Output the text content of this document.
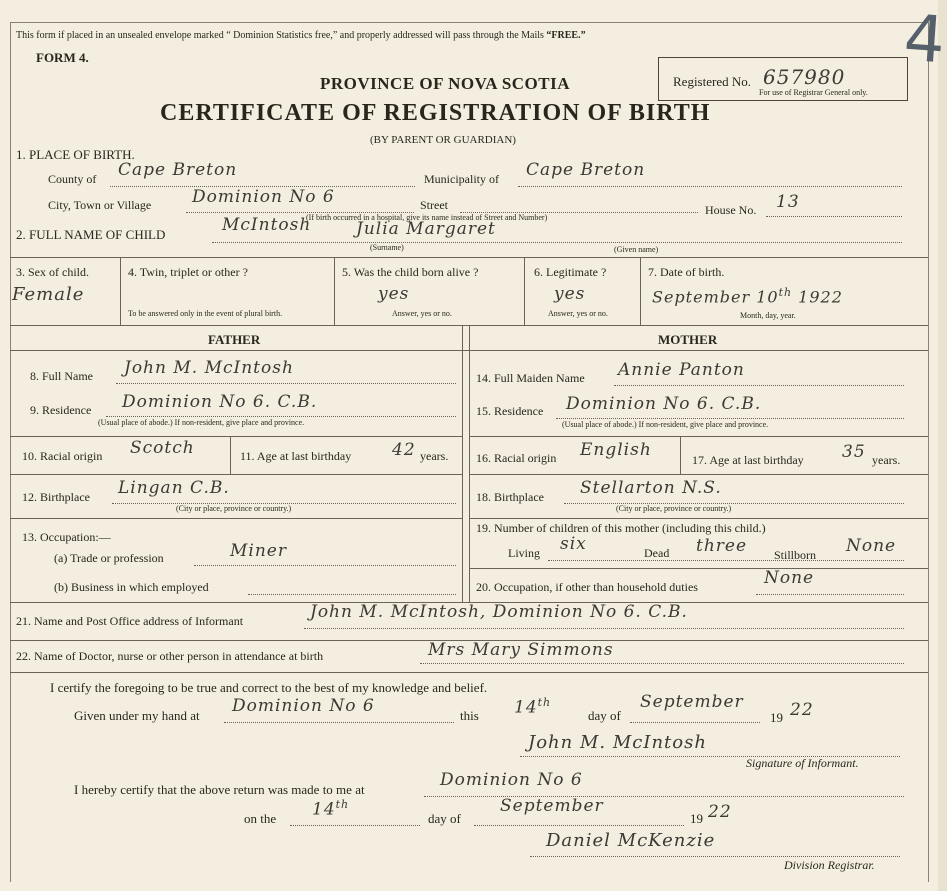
This form if placed in an unsealed envelope marked “ Dominion Statistics free,” and properly addressed will pass through the Mails “FREE.”
FORM 4.
PROVINCE OF NOVA SCOTIA
CERTIFICATE OF REGISTRATION OF BIRTH
(BY PARENT OR GUARDIAN)
Registered No. 657980
For use of Registrar General only.
4
1. PLACE OF BIRTH.
County of Cape Breton	Municipality of Cape Breton
City, Town or Village Dominion No 6	Street	House No. 13
(If birth occurred in a hospital, give its name instead of Street and Number)
2. FULL NAME OF CHILD	McIntosh	Julia Margaret
(Surname)	(Given name)
3. Sex of child.
Female
4. Twin, triplet or other ?
To be answered only in the event of plural birth.
5. Was the child born alive ?
yes
Answer, yes or no.
6. Legitimate ?
yes
Answer, yes or no.
7. Date of birth.
September 10th 1922
Month, day, year.
FATHER	MOTHER
8. Full Name John M. McIntosh
9. Residence Dominion No 6. C.B.
(Usual place of abode.) If non-resident, give place and province.
10. Racial origin Scotch	11. Age at last birthday 42 years.
12. Birthplace Lingan C.B.
(City or place, province or country.)
13. Occupation:—
(a) Trade or profession	Miner
(b) Business in which employed
14. Full Maiden Name Annie Panton
15. Residence Dominion No 6. C.B.
(Usual place of abode.) If non-resident, give place and province.
16. Racial origin English	17. Age at last birthday 35 years.
18. Birthplace Stellarton N.S.
(City or place, province or country.)
19. Number of children of this mother (including this child.)
Living six	Dead three Stillborn None
20. Occupation, if other than household duties	None
21. Name and Post Office address of Informant	John M. McIntosh, Dominion No 6. C.B.
22. Name of Doctor, nurse or other person in attendance at birth	Mrs Mary Simmons
I certify the foregoing to be true and correct to the best of my knowledge and belief.
Given under my hand at Dominion No 6	this 14th
day of
September
19 22
John M. McIntosh
Signature of Informant.
I hereby certify that the above return was made to me at	Dominion No 6
on the 14th
day of
September
19 22
Daniel McKenzie
Division Registrar.
